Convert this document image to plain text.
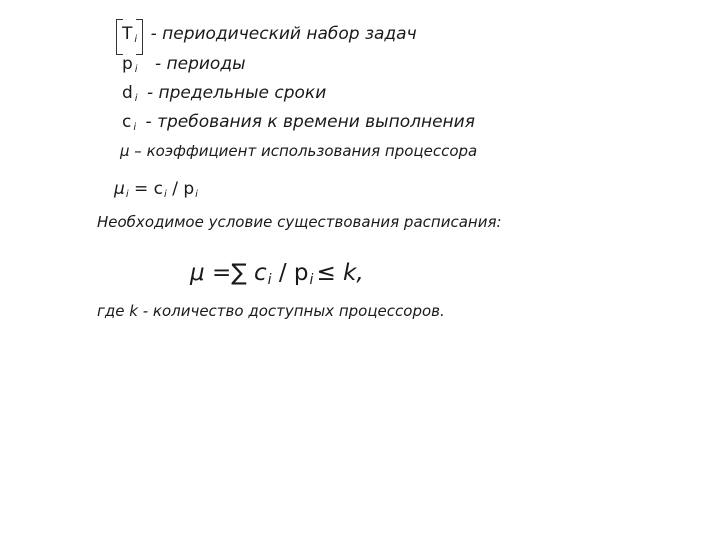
$T_i$ - периодический набор задач
$p_i$ - периоды
$d_i$ - предельные сроки
$c_i$ - требования к времени выполнения
μ – коэффициент использования процессора
$\mu_i = c_i / p_i$
Необходимое условие существования расписания:
μ =∑ $c_i / p_i \le k$,
где k - количество доступных процессоров.
